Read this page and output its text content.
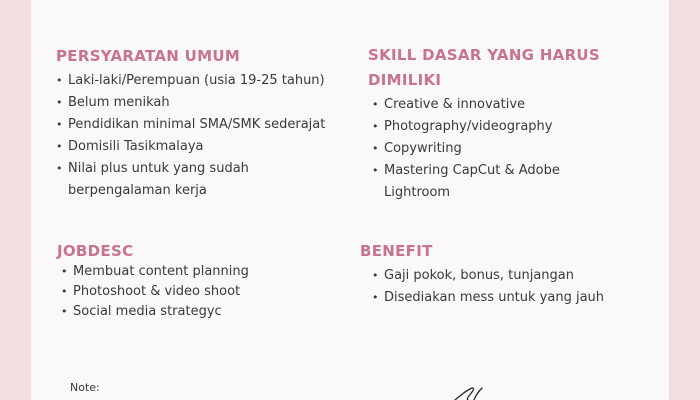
PERSYARATAN UMUM
• Laki-laki/Perempuan (usia 19-25 tahun)
• Belum menikah
• Pendidikan minimal SMA/SMK sederajat
• Domisili Tasikmalaya
• Nilai plus untuk yang sudah berpengalaman kerja
SKILL DASAR YANG HARUS DIMILIKI
• Creative & innovative
• Photography/videography
• Copywriting
• Mastering CapCut & Adobe Lightroom
JOBDESC
• Membuat content planning
• Photoshoot & video shoot
• Social media strategyc
BENEFIT
• Gaji pokok, bonus, tunjangan
• Disediakan mess untuk yang jauh
Note:
